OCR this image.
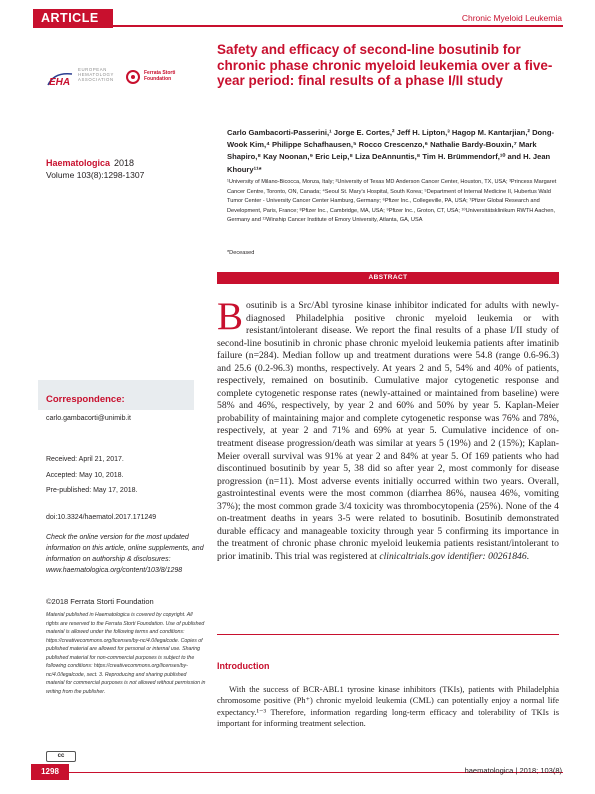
ARTICLE	Chronic Myeloid Leukemia
EHA
EUROPEAN HEMATOLOGY ASSOCIATION
Ferrata Storti Foundation
Haematologica 2018
Volume 103(8):1298-1307
Correspondence:
carlo.gambacorti@unimib.it
Received: April 21, 2017.
Accepted: May 10, 2018.
Pre-published: May 17, 2018.
doi:10.3324/haematol.2017.171249
Check the online version for the most updated information on this article, online supplements, and information on authorship & disclosures: www.haematologica.org/content/103/8/1298
©2018 Ferrata Storti Foundation
Material published in Haematologica is covered by copyright. All rights are reserved to the Ferrata Storti Foundation. Use of published material is allowed under the following terms and conditions: https://creativecommons.org/licenses/by-nc/4.0/legalcode. Copies of published material are allowed for personal or internal use. Sharing published material for non-commercial purposes is subject to the following conditions: https://creativecommons.org/licenses/by-nc/4.0/legalcode, sect. 3. Reproducing and sharing published material for commercial purposes is not allowed without permission in writing from the publisher.
cc
Safety and efficacy of second-line bosutinib for chronic phase chronic myeloid leukemia over a five-year period: final results of a phase I/II study
Carlo Gambacorti-Passerini,¹ Jorge E. Cortes,² Jeff H. Lipton,³ Hagop M. Kantarjian,² Dong-Wook Kim,⁴ Philippe Schafhausen,⁵ Rocco Crescenzo,⁶ Nathalie Bardy-Bouxin,⁷ Mark Shapiro,⁸ Kay Noonan,⁹ Eric Leip,⁸ Liza DeAnnuntis,⁸ Tim H. Brümmendorf,¹⁰ and H. Jean Khoury¹¹*
¹University of Milano-Bicocca, Monza, Italy; ²University of Texas MD Anderson Cancer Center, Houston, TX, USA; ³Princess Margaret Cancer Centre, Toronto, ON, Canada; ⁴Seoul St. Mary's Hospital, South Korea; ⁵Department of Internal Medicine II, Hubertus Wald Tumor Center - University Cancer Center Hamburg, Germany; ⁶Pfizer Inc., Collegeville, PA, USA; ⁷Pfizer Global Research and Development, Paris, France; ⁸Pfizer Inc., Cambridge, MA, USA; ⁹Pfizer Inc., Groton, CT, USA; ¹⁰Universitätsklinikum RWTH Aachen, Germany and ¹¹Winship Cancer Institute of Emory University, Atlanta, GA, USA
*Deceased
ABSTRACT
Bosutinib is a Src/Abl tyrosine kinase inhibitor indicated for adults with newly-diagnosed Philadelphia positive chronic myeloid leukemia or with resistant/intolerant disease. We report the final results of a phase I/II study of second-line bosutinib in chronic phase chronic myeloid leukemia patients after imatinib failure (n=284). Median follow up and treatment durations were 54.8 (range 0.6-96.3) and 25.6 (0.2-96.3) months, respectively. At years 2 and 5, 54% and 40% of patients, respectively, remained on bosutinib. Cumulative major cytogenetic response and complete cytogenetic response rates (newly-attained or maintained from baseline) were 58% and 46%, respectively, by year 2 and 60% and 50% by year 5. Kaplan-Meier probability of maintaining major and complete cytogenetic response was 76% and 78%, respectively, at year 2 and 71% and 69% at year 5. Cumulative incidence of on-treatment disease progression/death was similar at years 5 (19%) and 2 (15%); Kaplan-Meier overall survival was 91% at year 2 and 84% at year 5. Of 169 patients who had discontinued bosutinib by year 5, 38 did so after year 2, most commonly for disease progression (n=11). Most adverse events initially occurred within two years. Overall, gastrointestinal events were the most common (diarrhea 86%, nausea 46%, vomiting 37%); the most common grade 3/4 toxicity was thrombocytopenia (25%). None of the 4 on-treatment deaths in years 3-5 were related to bosutinib. Bosutinib demonstrated durable efficacy and manageable toxicity through year 5 confirming its importance in the treatment of chronic phase chronic myeloid leukemia patients resistant/intolerant to prior imatinib. This trial was registered at clinicaltrials.gov identifier: 00261846.
Introduction
With the success of BCR-ABL1 tyrosine kinase inhibitors (TKIs), patients with Philadelphia chromosome positive (Ph⁺) chronic myeloid leukemia (CML) can potentially enjoy a normal life expectancy.¹⁻³ Therefore, information regarding long-term efficacy and tolerability of TKIs is important for informing treatment selection.
1298	haematologica | 2018; 103(8)
